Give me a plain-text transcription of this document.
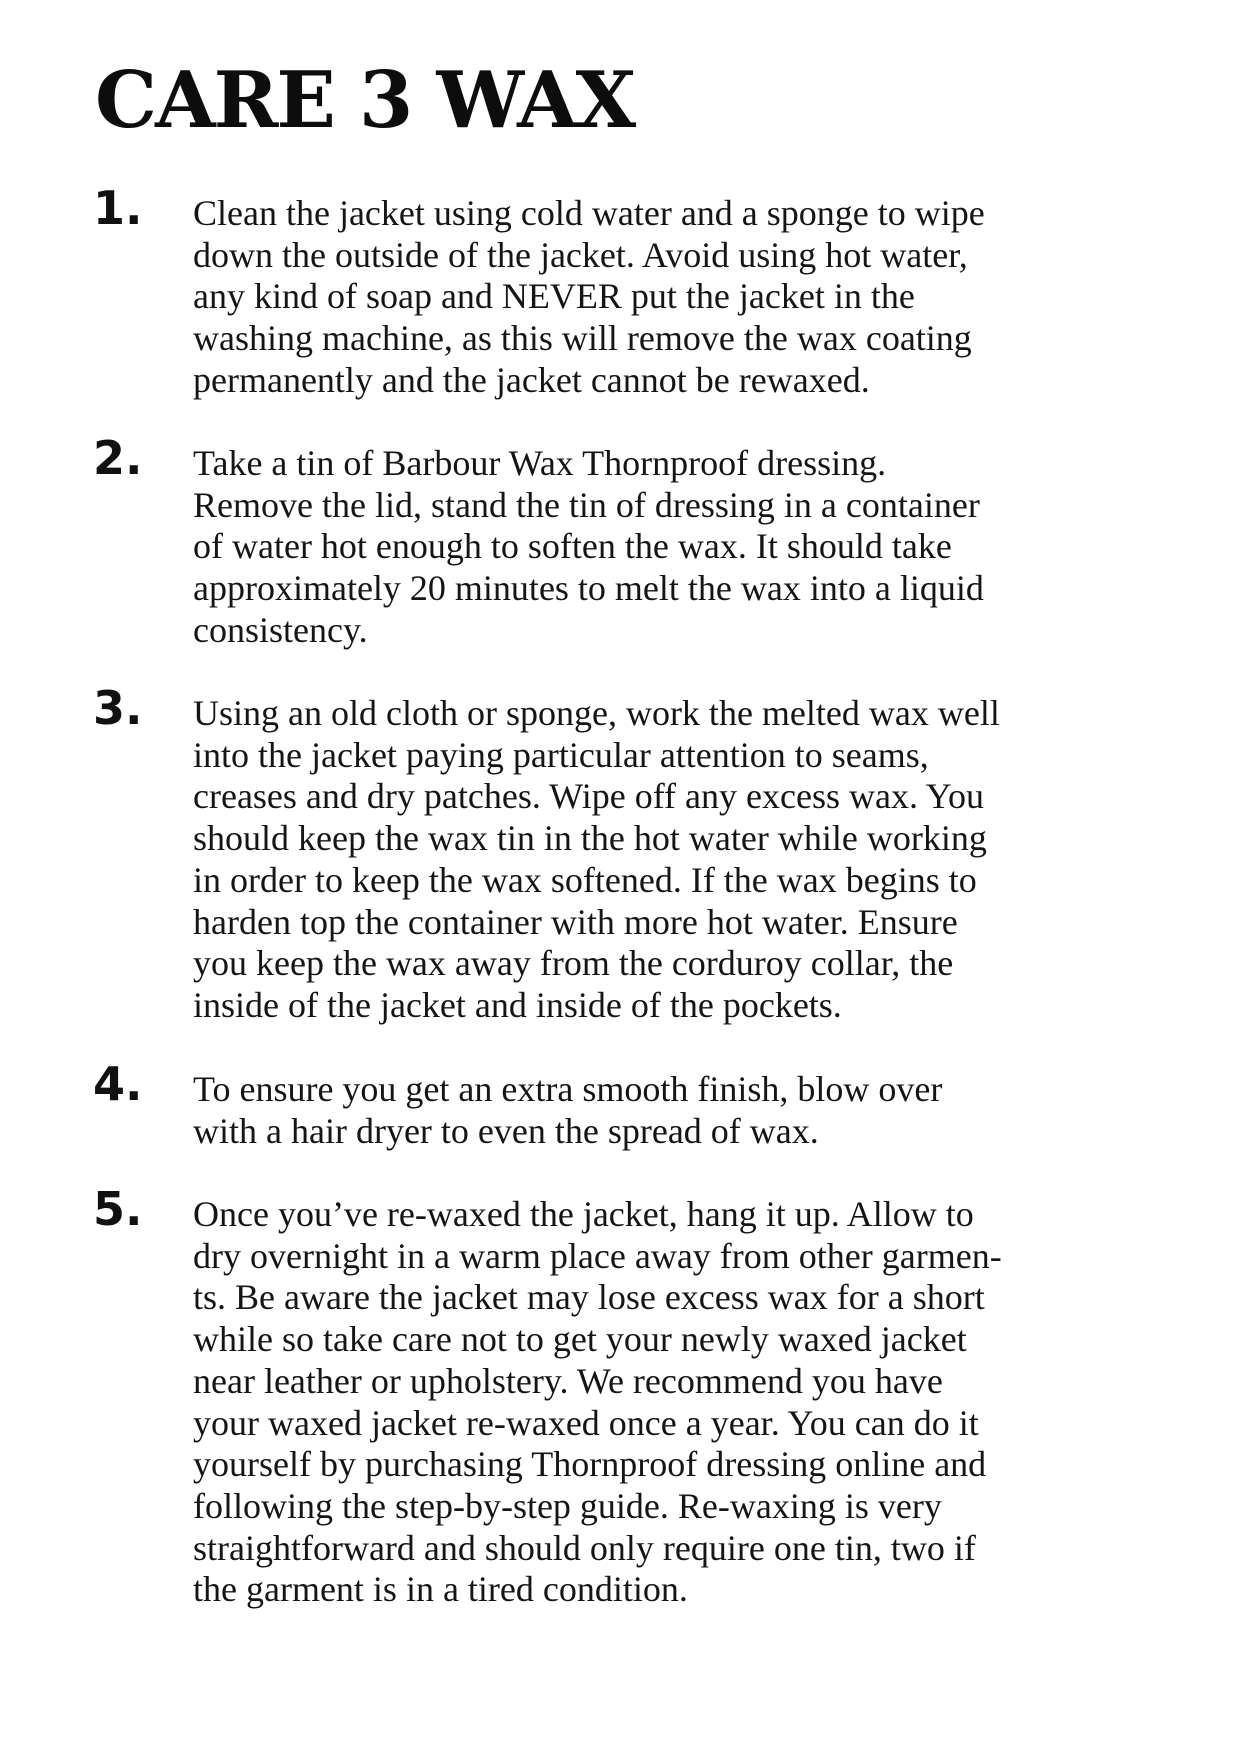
CARE 3 WAX
1. Clean the jacket using cold water and a sponge to wipe
down the outside of the jacket. Avoid using hot water,
any kind of soap and NEVER put the jacket in the
washing machine, as this will remove the wax coating
permanently and the jacket cannot be rewaxed.

2. Take a tin of Barbour Wax Thornproof dressing.
Remove the lid, stand the tin of dressing in a container
of water hot enough to soften the wax. It should take
approximately 20 minutes to melt the wax into a liquid
consistency.

3. Using an old cloth or sponge, work the melted wax well
into the jacket paying particular attention to seams,
creases and dry patches. Wipe off any excess wax. You
should keep the wax tin in the hot water while working
in order to keep the wax softened. If the wax begins to
harden top the container with more hot water. Ensure
you keep the wax away from the corduroy collar, the
inside of the jacket and inside of the pockets.

4. To ensure you get an extra smooth finish, blow over
with a hair dryer to even the spread of wax.

5. Once you’ve re-waxed the jacket, hang it up. Allow to
dry overnight in a warm place away from other garmen-
ts. Be aware the jacket may lose excess wax for a short
while so take care not to get your newly waxed jacket
near leather or upholstery. We recommend you have
your waxed jacket re-waxed once a year. You can do it
yourself by purchasing Thornproof dressing online and
following the step-by-step guide. Re-waxing is very
straightforward and should only require one tin, two if
the garment is in a tired condition.
